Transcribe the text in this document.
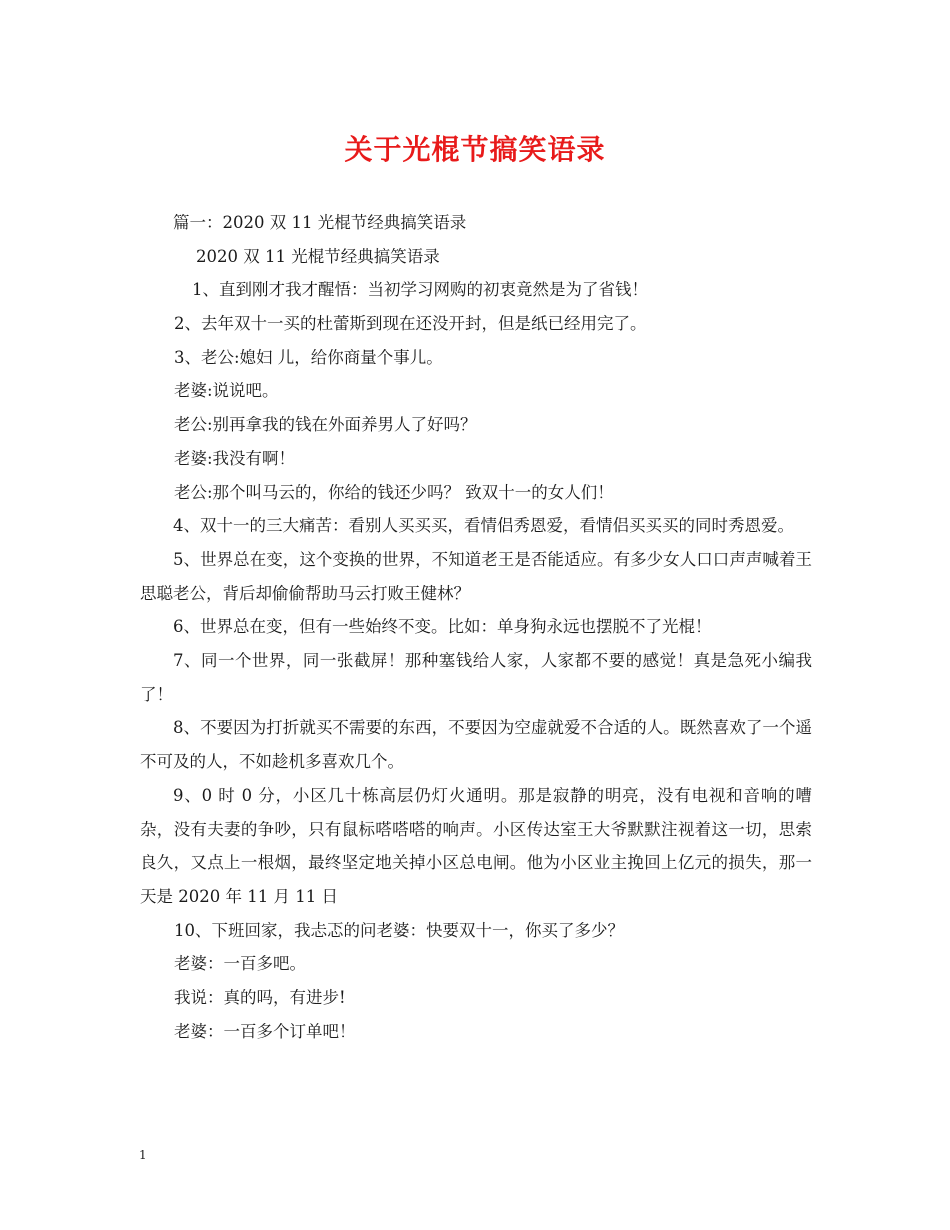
关于光棍节搞笑语录

篇一：2020 双 11 光棍节经典搞笑语录

2020 双 11 光棍节经典搞笑语录

1、直到刚才我才醒悟：当初学习网购的初衷竟然是为了省钱！

2、去年双十一买的杜蕾斯到现在还没开封，但是纸已经用完了。

3、老公:媳妇 儿，给你商量个事儿。

老婆:说说吧。

老公:别再拿我的钱在外面养男人了好吗？

老婆:我没有啊！

老公:那个叫马云的，你给的钱还少吗？ 致双十一的女人们！

4、双十一的三大痛苦：看别人买买买，看情侣秀恩爱，看情侣买买买的同时秀恩爱。

5、世界总在变，这个变换的世界，不知道老王是否能适应。有多少女人口口声声喊着王思聪老公，背后却偷偷帮助马云打败王健林？

6、世界总在变，但有一些始终不变。比如：单身狗永远也摆脱不了光棍！

7、同一个世界，同一张截屏！那种塞钱给人家，人家都不要的感觉！真是急死小编我了！

8、不要因为打折就买不需要的东西，不要因为空虚就爱不合适的人。既然喜欢了一个遥不可及的人，不如趁机多喜欢几个。

9、0 时 0 分，小区几十栋高层仍灯火通明。那是寂静的明亮，没有电视和音响的嘈杂，没有夫妻的争吵，只有鼠标嗒嗒嗒的响声。小区传达室王大爷默默注视着这一切，思索良久，又点上一根烟，最终坚定地关掉小区总电闸。他为小区业主挽回上亿元的损失，那一天是 2020 年 11 月 11 日

10、下班回家，我忐忑的问老婆：快要双十一，你买了多少？

老婆：一百多吧。

我说：真的吗，有进步!

老婆：一百多个订单吧！

1
